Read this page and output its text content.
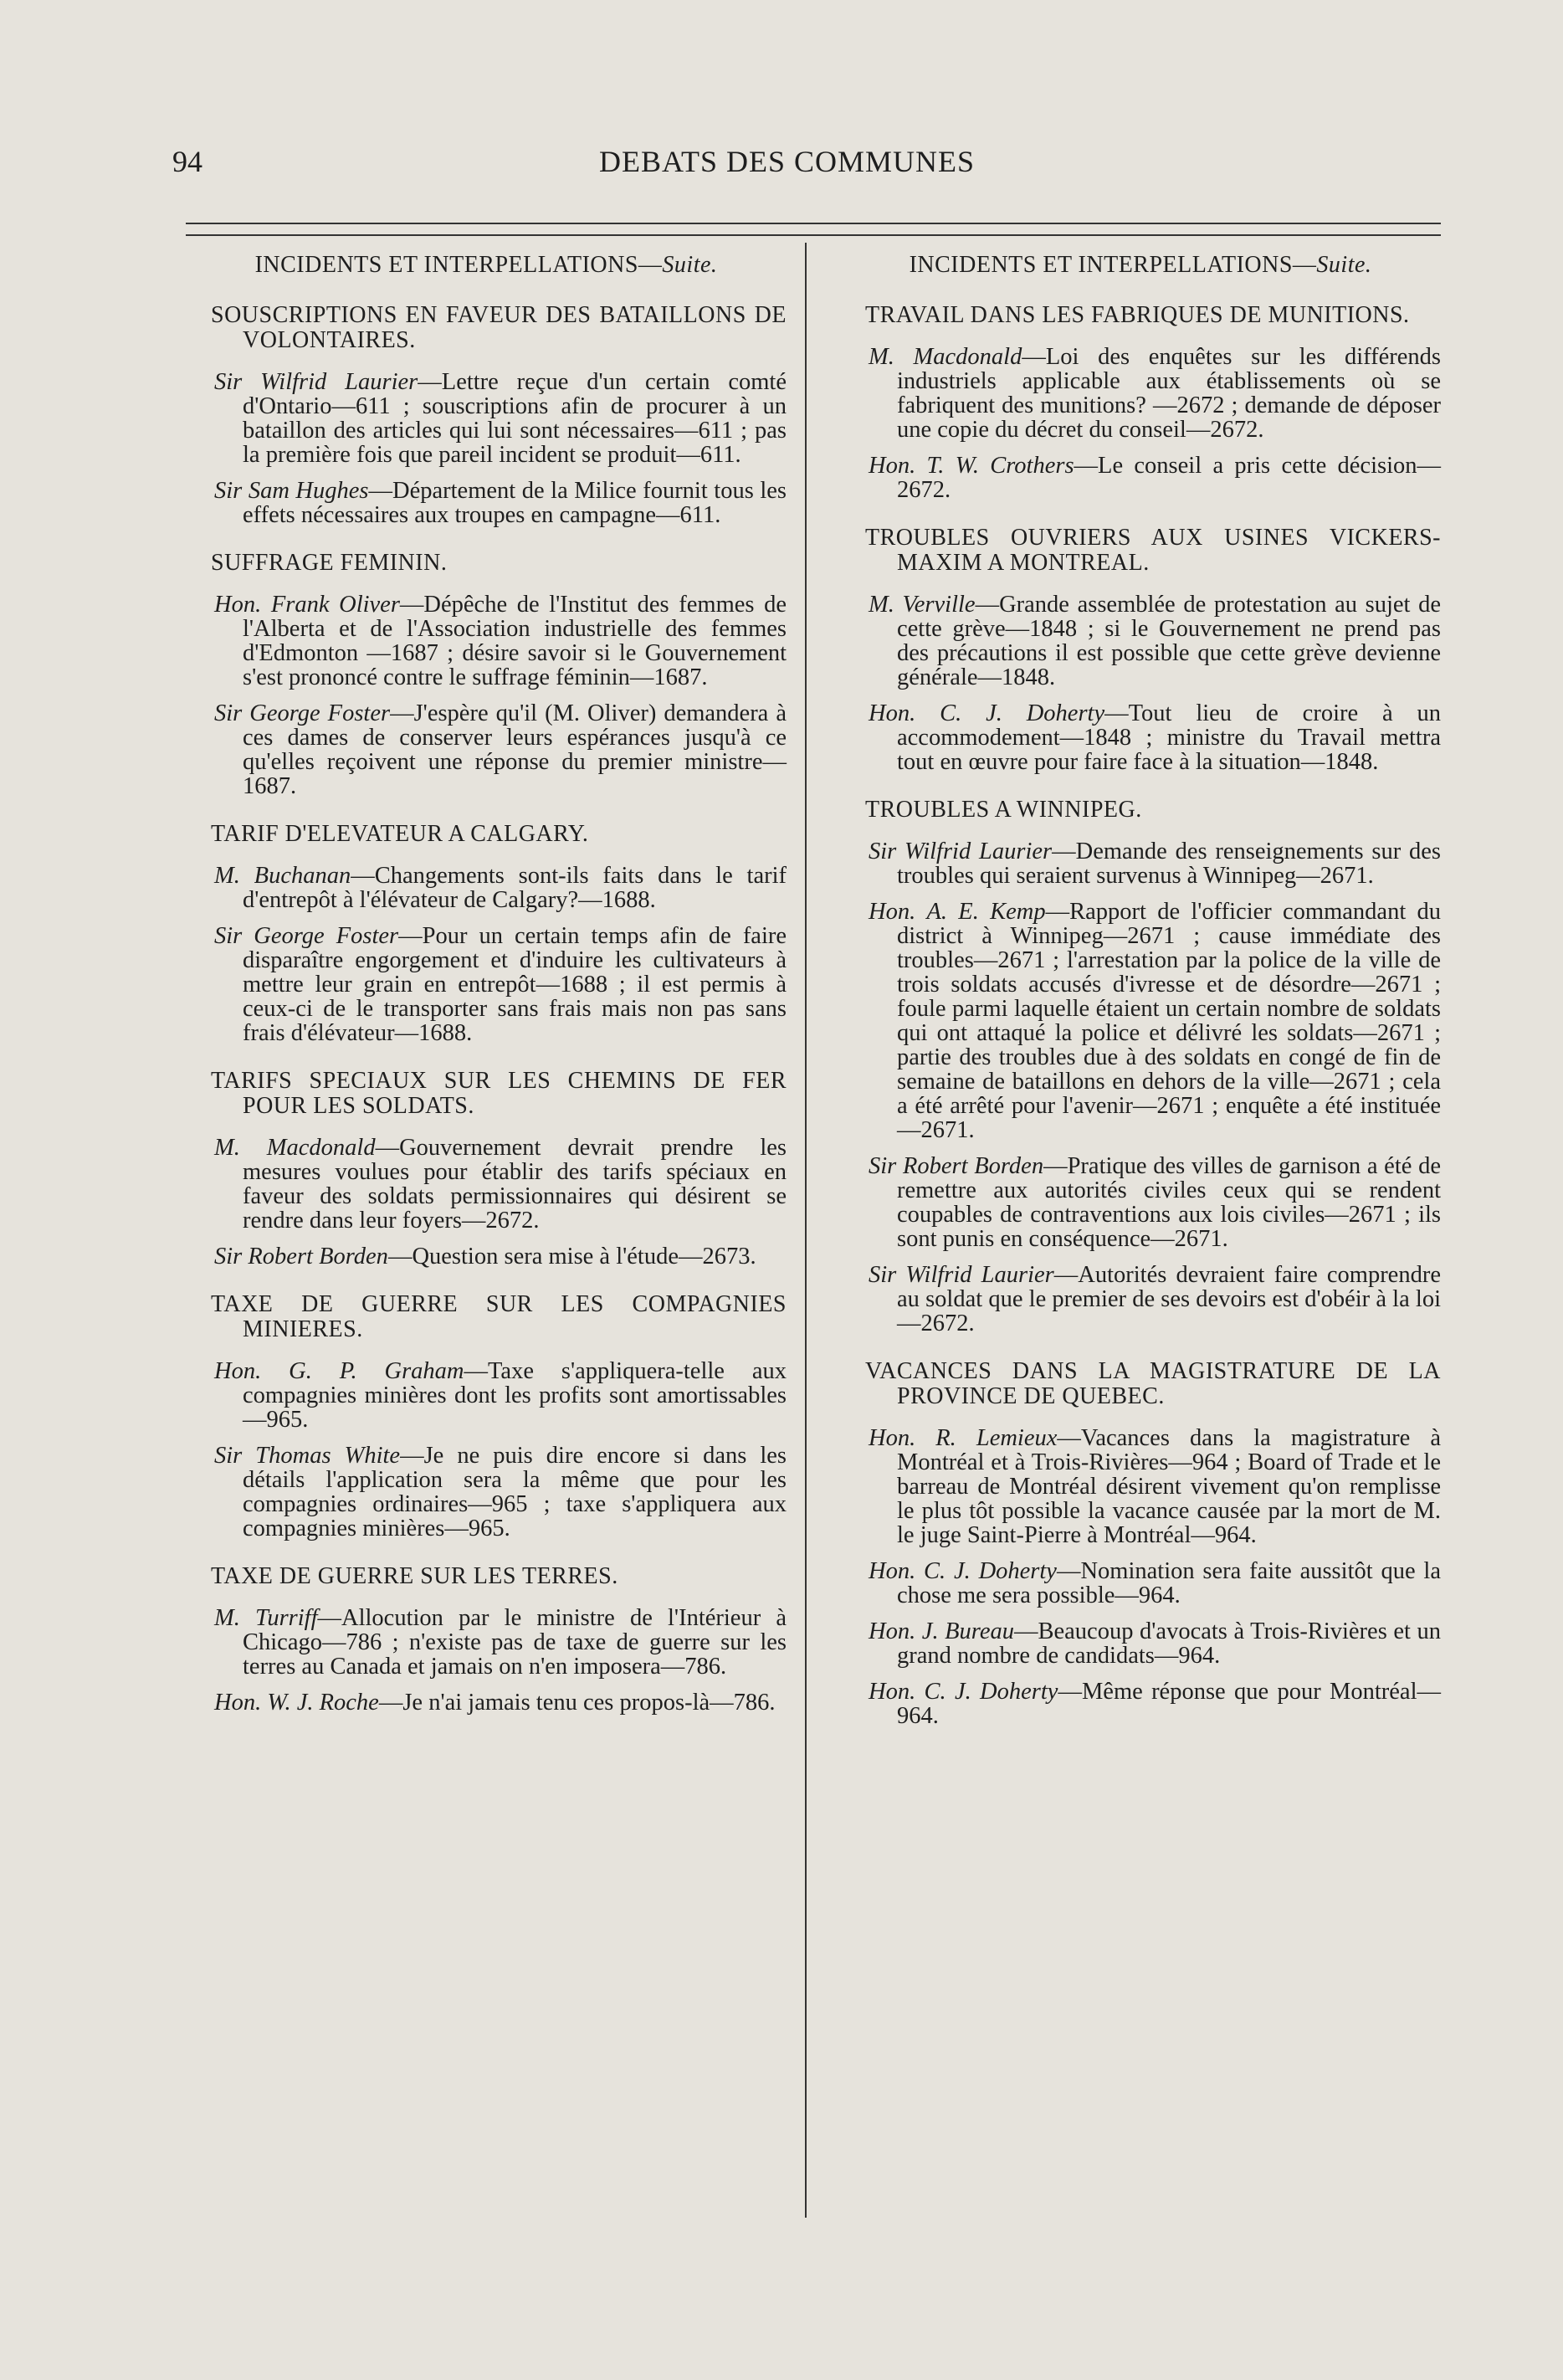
94	DEBATS DES COMMUNES
INCIDENTS ET INTERPELLATIONS—Suite.
SOUSCRIPTIONS EN FAVEUR DES BATAILLONS DE VOLONTAIRES.
Sir Wilfrid Laurier—Lettre reçue d'un certain comté d'Ontario—611 ; souscriptions afin de procurer à un bataillon des articles qui lui sont nécessaires—611 ; pas la première fois que pareil incident se produit—611.
Sir Sam Hughes—Département de la Milice fournit tous les effets nécessaires aux troupes en campagne—611.
SUFFRAGE FEMININ.
Hon. Frank Oliver—Dépêche de l'Institut des femmes de l'Alberta et de l'Association industrielle des femmes d'Edmonton —1687 ; désire savoir si le Gouvernement s'est prononcé contre le suffrage féminin—1687.
Sir George Foster—J'espère qu'il (M. Oliver) demandera à ces dames de conserver leurs espérances jusqu'à ce qu'elles reçoivent une réponse du premier ministre—1687.
TARIF D'ELEVATEUR A CALGARY.
M. Buchanan—Changements sont-ils faits dans le tarif d'entrepôt à l'élévateur de Calgary?—1688.
Sir George Foster—Pour un certain temps afin de faire disparaître engorgement et d'induire les cultivateurs à mettre leur grain en entrepôt—1688 ; il est permis à ceux-ci de le transporter sans frais mais non pas sans frais d'élévateur—1688.
TARIFS SPECIAUX SUR LES CHEMINS DE FER POUR LES SOLDATS.
M. Macdonald—Gouvernement devrait prendre les mesures voulues pour établir des tarifs spéciaux en faveur des soldats permissionnaires qui désirent se rendre dans leur foyers—2672.
Sir Robert Borden—Question sera mise à l'étude—2673.
TAXE DE GUERRE SUR LES COMPAGNIES MINIERES.
Hon. G. P. Graham—Taxe s'appliquera-telle aux compagnies minières dont les profits sont amortissables—965.
Sir Thomas White—Je ne puis dire encore si dans les détails l'application sera la même que pour les compagnies ordinaires—965 ; taxe s'appliquera aux compagnies minières—965.
TAXE DE GUERRE SUR LES TERRES.
M. Turriff—Allocution par le ministre de l'Intérieur à Chicago—786 ; n'existe pas de taxe de guerre sur les terres au Canada et jamais on n'en imposera—786.
Hon. W. J. Roche—Je n'ai jamais tenu ces propos-là—786.
INCIDENTS ET INTERPELLATIONS—Suite.
TRAVAIL DANS LES FABRIQUES DE MUNITIONS.
M. Macdonald—Loi des enquêtes sur les différends industriels applicable aux établissements où se fabriquent des munitions? —2672 ; demande de déposer une copie du décret du conseil—2672.
Hon. T. W. Crothers—Le conseil a pris cette décision—2672.
TROUBLES OUVRIERS AUX USINES VICKERS-MAXIM A MONTREAL.
M. Verville—Grande assemblée de protestation au sujet de cette grève—1848 ; si le Gouvernement ne prend pas des précautions il est possible que cette grève devienne générale—1848.
Hon. C. J. Doherty—Tout lieu de croire à un accommodement—1848 ; ministre du Travail mettra tout en œuvre pour faire face à la situation—1848.
TROUBLES A WINNIPEG.
Sir Wilfrid Laurier—Demande des renseignements sur des troubles qui seraient survenus à Winnipeg—2671.
Hon. A. E. Kemp—Rapport de l'officier commandant du district à Winnipeg—2671 ; cause immédiate des troubles—2671 ; l'arrestation par la police de la ville de trois soldats accusés d'ivresse et de désordre—2671 ; foule parmi laquelle étaient un certain nombre de soldats qui ont attaqué la police et délivré les soldats—2671 ; partie des troubles due à des soldats en congé de fin de semaine de bataillons en dehors de la ville—2671 ; cela a été arrêté pour l'avenir—2671 ; enquête a été instituée—2671.
Sir Robert Borden—Pratique des villes de garnison a été de remettre aux autorités civiles ceux qui se rendent coupables de contraventions aux lois civiles—2671 ; ils sont punis en conséquence—2671.
Sir Wilfrid Laurier—Autorités devraient faire comprendre au soldat que le premier de ses devoirs est d'obéir à la loi —2672.
VACANCES DANS LA MAGISTRATURE DE LA PROVINCE DE QUEBEC.
Hon. R. Lemieux—Vacances dans la magistrature à Montréal et à Trois-Rivières—964 ; Board of Trade et le barreau de Montréal désirent vivement qu'on remplisse le plus tôt possible la vacance causée par la mort de M. le juge Saint-Pierre à Montréal—964.
Hon. C. J. Doherty—Nomination sera faite aussitôt que la chose me sera possible—964.
Hon. J. Bureau—Beaucoup d'avocats à Trois-Rivières et un grand nombre de candidats—964.
Hon. C. J. Doherty—Même réponse que pour Montréal—964.
